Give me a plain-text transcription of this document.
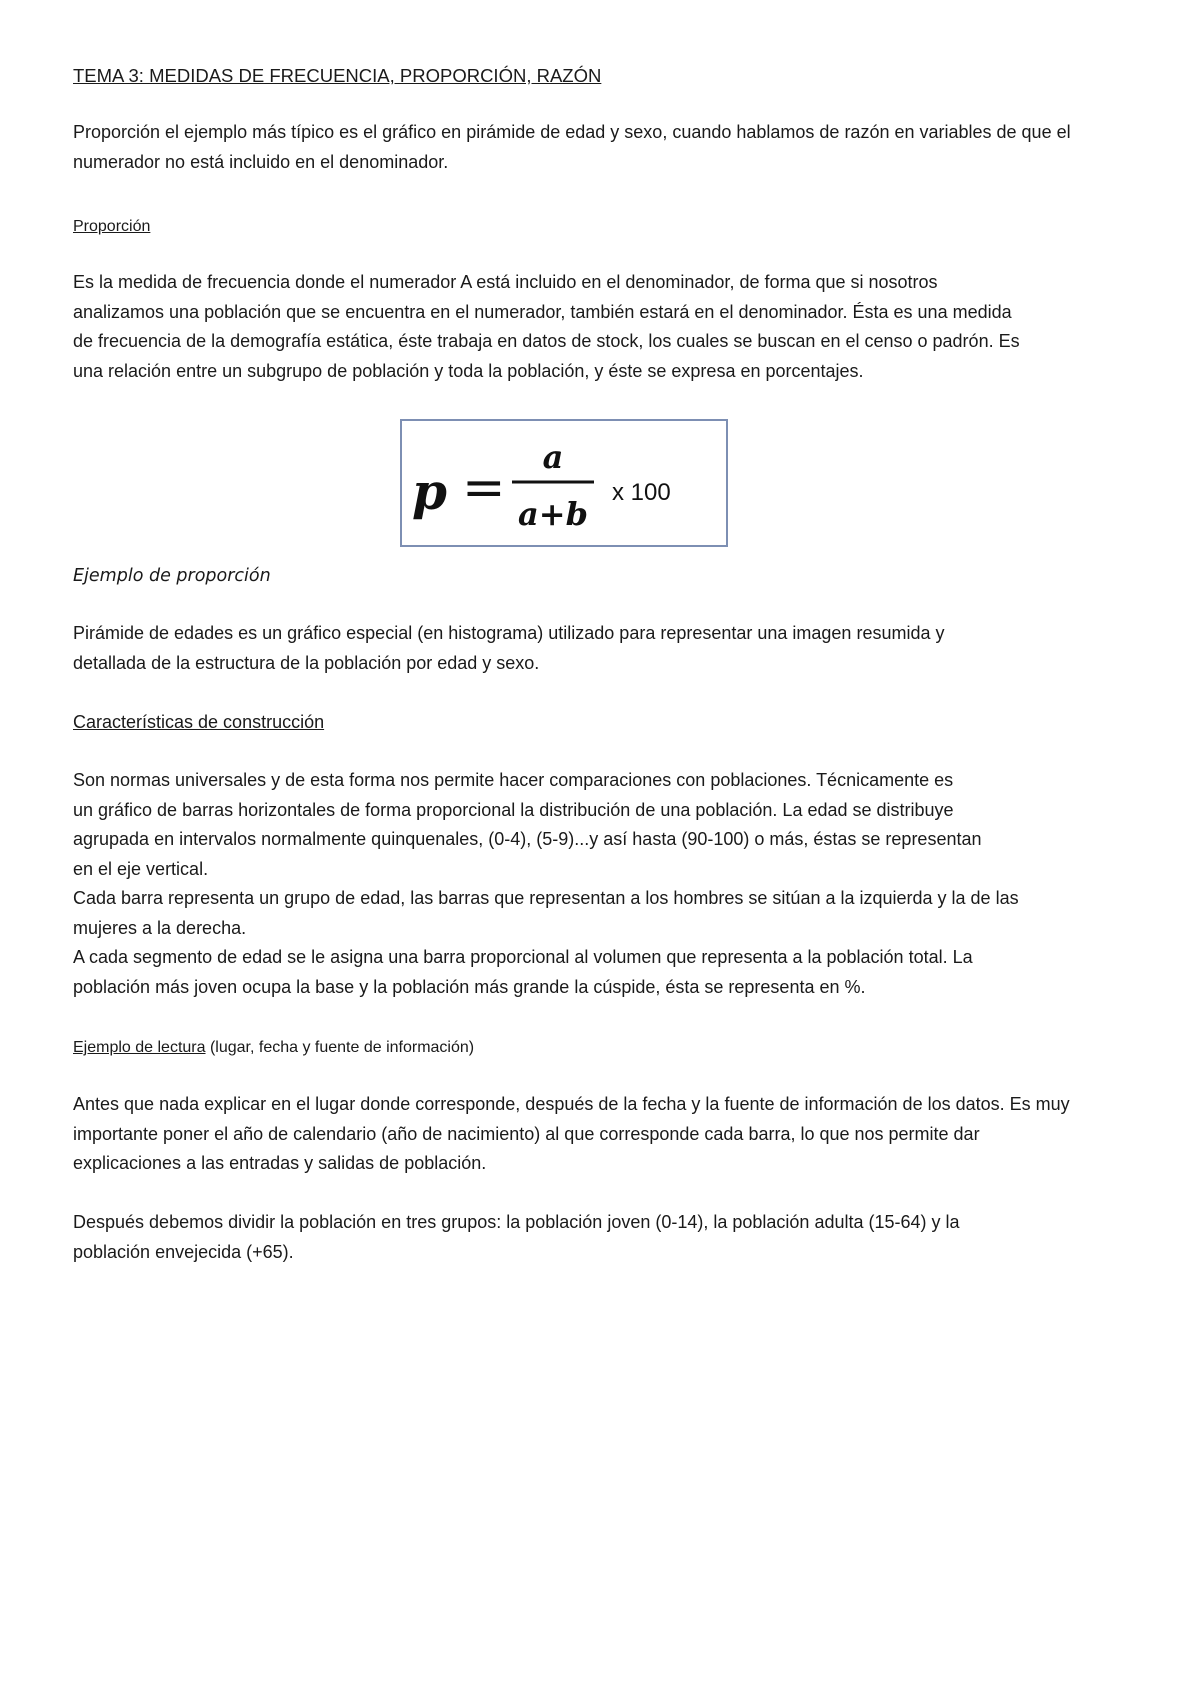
TEMA 3: MEDIDAS DE FRECUENCIA, PROPORCIÓN, RAZÓN

Proporción el ejemplo más típico es el gráfico en pirámide de edad y sexo, cuando hablamos de razón en variables de que el
numerador no está incluido en el denominador.

Proporción

Es la medida de frecuencia donde el numerador A está incluido en el denominador, de forma que si nosotros
analizamos una población que se encuentra en el numerador, también estará en el denominador. Ésta es una medida
de frecuencia de la demografía estática, éste trabaja en datos de stock, los cuales se buscan en el censo o padrón. Es
una relación entre un subgrupo de población y toda la población, y éste se expresa en porcentajes.

p =
a
a+b
x 100

Ejemplo de proporción

Pirámide de edades es un gráfico especial (en histograma) utilizado para representar una imagen resumida y
detallada de la estructura de la población por edad y sexo.

Características de construcción

Son normas universales y de esta forma nos permite hacer comparaciones con poblaciones. Técnicamente es
un gráfico de barras horizontales de forma proporcional la distribución de una población. La edad se distribuye
agrupada en intervalos normalmente quinquenales, (0-4), (5-9)...y así hasta (90-100) o más, éstas se representan
en el eje vertical.
Cada barra representa un grupo de edad, las barras que representan a los hombres se sitúan a la izquierda y la de las
mujeres a la derecha.
A cada segmento de edad se le asigna una barra proporcional al volumen que representa a la población total. La
población más joven ocupa la base y la población más grande la cúspide, ésta se representa en %.

Ejemplo de lectura (lugar, fecha y fuente de información)

Antes que nada explicar en el lugar donde corresponde, después de la fecha y la fuente de información de los datos. Es muy
importante poner el año de calendario (año de nacimiento) al que corresponde cada barra, lo que nos permite dar
explicaciones a las entradas y salidas de población.

Después debemos dividir la población en tres grupos: la población joven (0-14), la población adulta (15-64) y la
población envejecida (+65).
